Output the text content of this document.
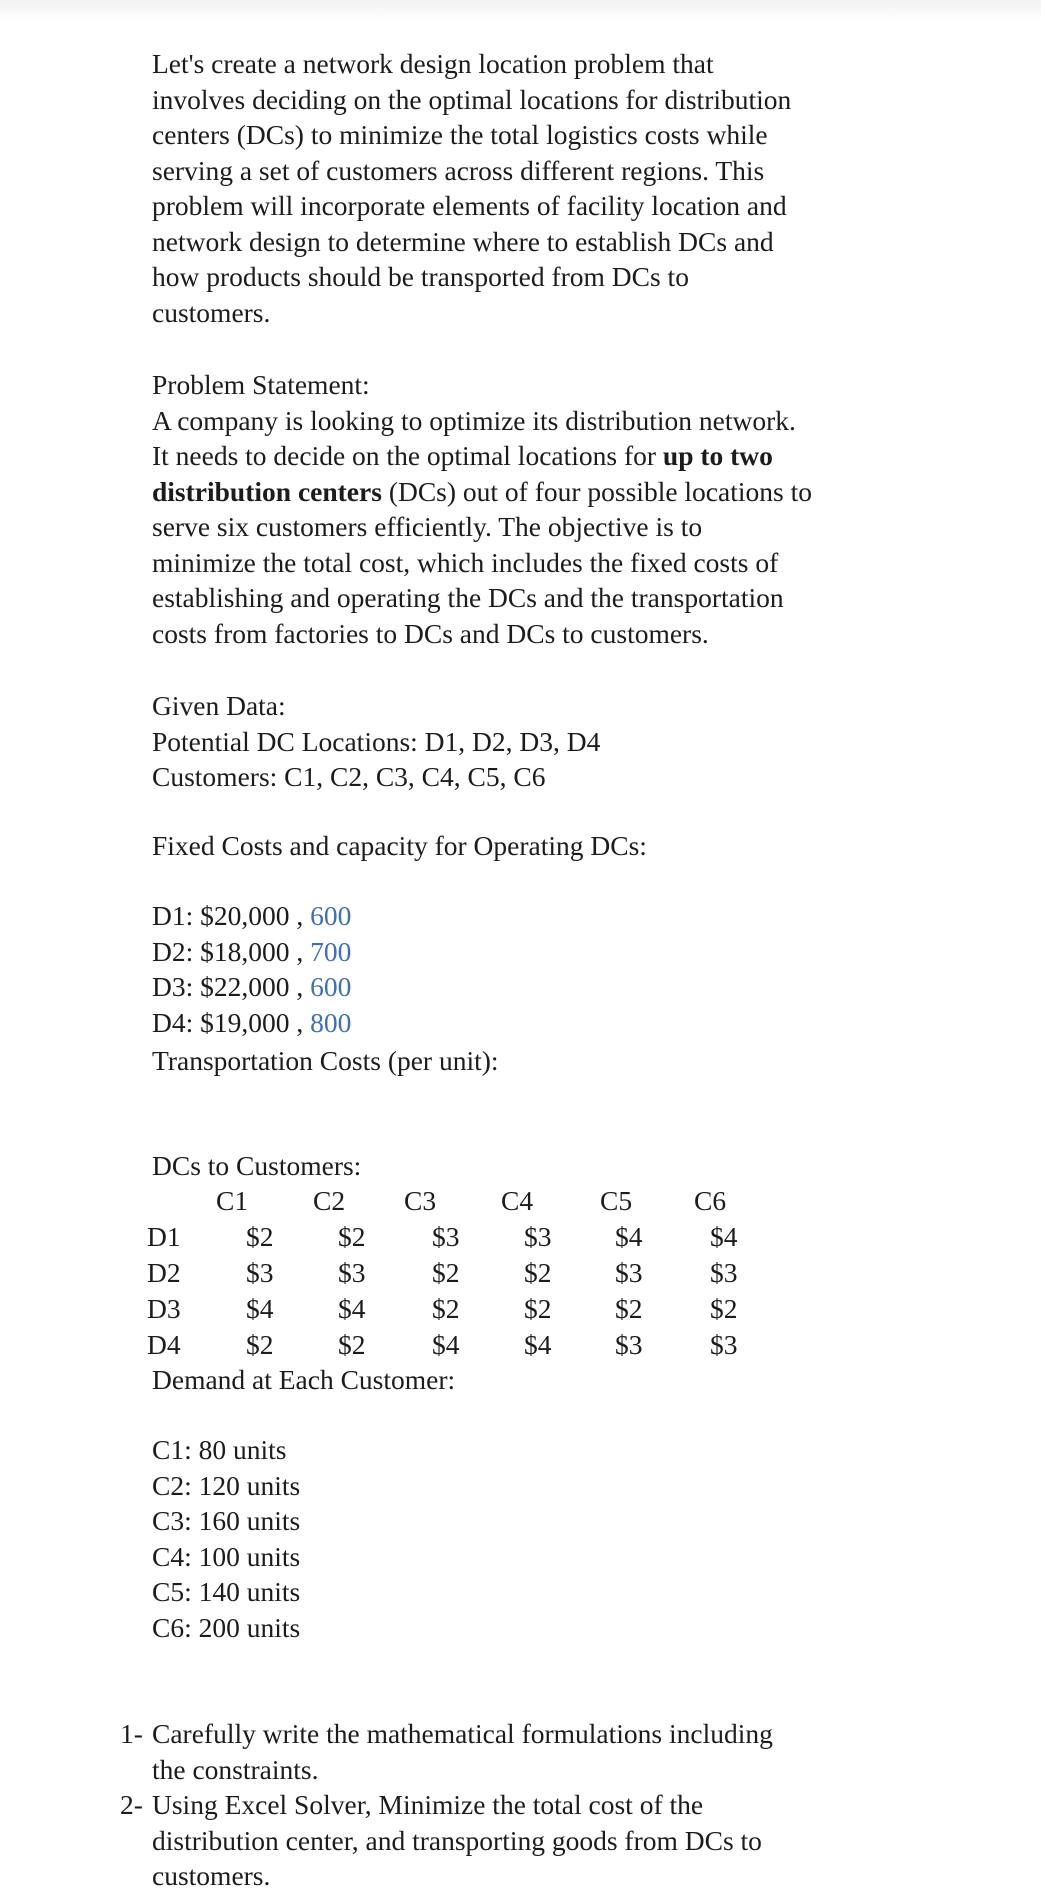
Let's create a network design location problem that
involves deciding on the optimal locations for distribution
centers (DCs) to minimize the total logistics costs while
serving a set of customers across different regions. This
problem will incorporate elements of facility location and
network design to determine where to establish DCs and
how products should be transported from DCs to
customers.
Problem Statement:
A company is looking to optimize its distribution network.
It needs to decide on the optimal locations for up to two
distribution centers (DCs) out of four possible locations to
serve six customers efficiently. The objective is to
minimize the total cost, which includes the fixed costs of
establishing and operating the DCs and the transportation
costs from factories to DCs and DCs to customers.
Given Data:
Potential DC Locations: D1, D2, D3, D4
Customers: C1, C2, C3, C4, C5, C6
Fixed Costs and capacity for Operating DCs:
D1: $20,000 , 600
D2: $18,000 , 700
D3: $22,000 , 600
D4: $19,000 , 800
Transportation Costs (per unit):
DCs to Customers:
C1 C2 C3 C4 C5 C6
D1 $2 $2 $3 $3 $4 $4
D2 $3 $3 $2 $2 $3 $3
D3 $4 $4 $2 $2 $2 $2
D4 $2 $2 $4 $4 $3 $3
Demand at Each Customer:
C1: 80 units
C2: 120 units
C3: 160 units
C4: 100 units
C5: 140 units
C6: 200 units
1- Carefully write the mathematical formulations including
the constraints.
2- Using Excel Solver, Minimize the total cost of the
distribution center, and transporting goods from DCs to
customers.
